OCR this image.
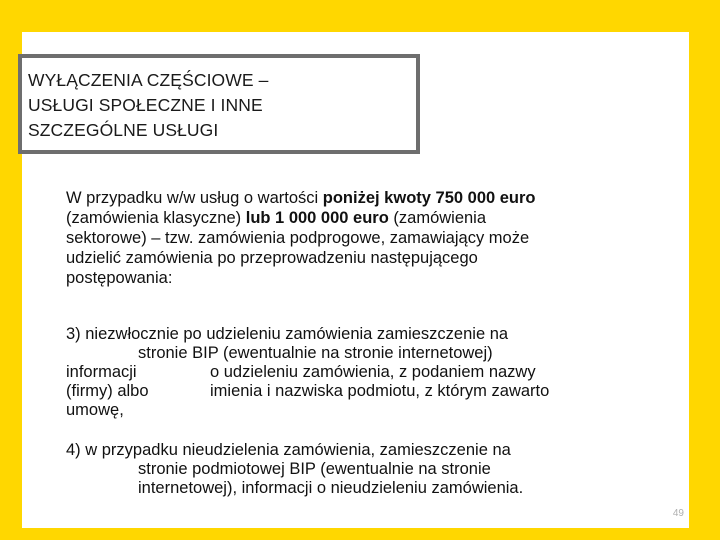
WYŁĄCZENIA CZĘŚCIOWE –
USŁUGI SPOŁECZNE I INNE
SZCZEGÓLNE USŁUGI
W przypadku w/w usług o wartości poniżej kwoty 750 000 euro
(zamówienia klasyczne) lub 1 000 000 euro (zamówienia
sektorowe) – tzw. zamówienia podprogowe, zamawiający może
udzielić zamówienia po przeprowadzeniu następującego
postępowania:
3) niezwłocznie po udzieleniu zamówienia zamieszczenie na
stronie BIP (ewentualnie na stronie internetowej)
informacji	o udzieleniu zamówienia, z podaniem nazwy
(firmy) albo	imienia i nazwiska podmiotu, z którym zawarto
umowę,
4) w przypadku nieudzielenia zamówienia, zamieszczenie na
stronie podmiotowej BIP (ewentualnie na stronie
internetowej), informacji o nieudzieleniu zamówienia.
49
